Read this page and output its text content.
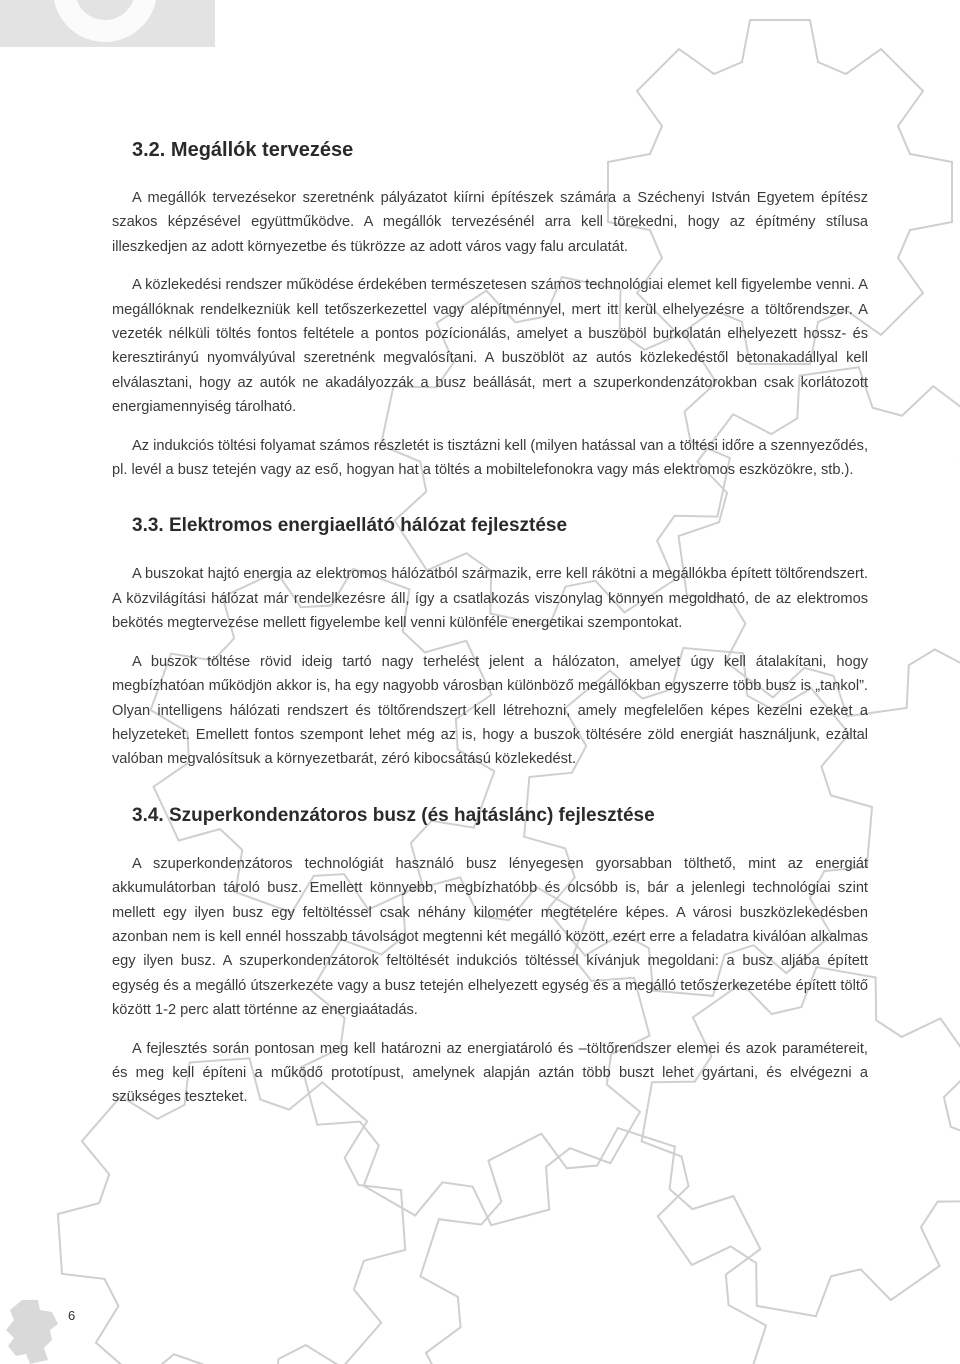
3.2. Megállók tervezése

A megállók tervezésekor szeretnénk pályázatot kiírni építészek számára a Széchenyi István Egyetem építész szakos képzésével együttműködve. A megállók tervezésénél arra kell törekedni, hogy az építmény stílusa illeszkedjen az adott környezetbe és tükrözze az adott város vagy falu arculatát.

A közlekedési rendszer működése érdekében természetesen számos technológiai elemet kell figyelembe venni. A megállóknak rendelkezniük kell tetőszerkezettel vagy alépítménnyel, mert itt kerül elhelyezésre a töltőrendszer. A vezeték nélküli töltés fontos feltétele a pontos pozícionálás, amelyet a buszöböl burkolatán elhelyezett hossz- és keresztirányú nyomvályúval szeretnénk megvalósítani. A buszöblöt az autós közlekedéstől betonakadállyal kell elválasztani, hogy az autók ne akadályozzák a busz beállását, mert a szuperkondenzátorokban csak korlátozott energiamennyiség tárolható.

Az indukciós töltési folyamat számos részletét is tisztázni kell (milyen hatással van a töltési időre a szennyeződés, pl. levél a busz tetején vagy az eső, hogyan hat a töltés a mobiltelefonokra vagy más elektromos eszközökre, stb.).

3.3. Elektromos energiaellátó hálózat fejlesztése

A buszokat hajtó energia az elektromos hálózatból származik, erre kell rákötni a megállókba épített töltőrendszert. A közvilágítási hálózat már rendelkezésre áll, így a csatlakozás viszonylag könnyen megoldható, de az elektromos bekötés megtervezése mellett figyelembe kell venni különféle energetikai szempontokat.

A buszok töltése rövid ideig tartó nagy terhelést jelent a hálózaton, amelyet úgy kell átalakítani, hogy megbízhatóan működjön akkor is, ha egy nagyobb városban különböző megállókban egyszerre több busz is „tankol”. Olyan intelligens hálózati rendszert és töltőrendszert kell létrehozni, amely megfelelően képes kezelni ezeket a helyzeteket. Emellett fontos szempont lehet még az is, hogy a buszok töltésére zöld energiát használjunk, ezáltal valóban megvalósítsuk a környezetbarát, zéró kibocsátású közlekedést.

3.4. Szuperkondenzátoros busz (és hajtáslánc) fejlesztése

A szuperkondenzátoros technológiát használó busz lényegesen gyorsabban tölthető, mint az energiát akkumulátorban tároló busz. Emellett könnyebb, megbízhatóbb és olcsóbb is, bár a jelenlegi technológiai szint mellett egy ilyen busz egy feltöltéssel csak néhány kilométer megtételére képes. A városi buszközlekedésben azonban nem is kell ennél hosszabb távolságot megtenni két megálló között, ezért erre a feladatra kiválóan alkalmas egy ilyen busz. A szuperkondenzátorok feltöltését indukciós töltéssel kívánjuk megoldani: a busz aljába épített egység és a megálló útszerkezete vagy a busz tetején elhelyezett egység és a megálló tetőszerkezetébe épített töltő között 1-2 perc alatt történne az energiaátadás.

A fejlesztés során pontosan meg kell határozni az energiatároló és –töltőrendszer elemei és azok paramétereit, és meg kell építeni a működő prototípust, amelynek alapján aztán több buszt lehet gyártani, és elvégezni a szükséges teszteket.

6
